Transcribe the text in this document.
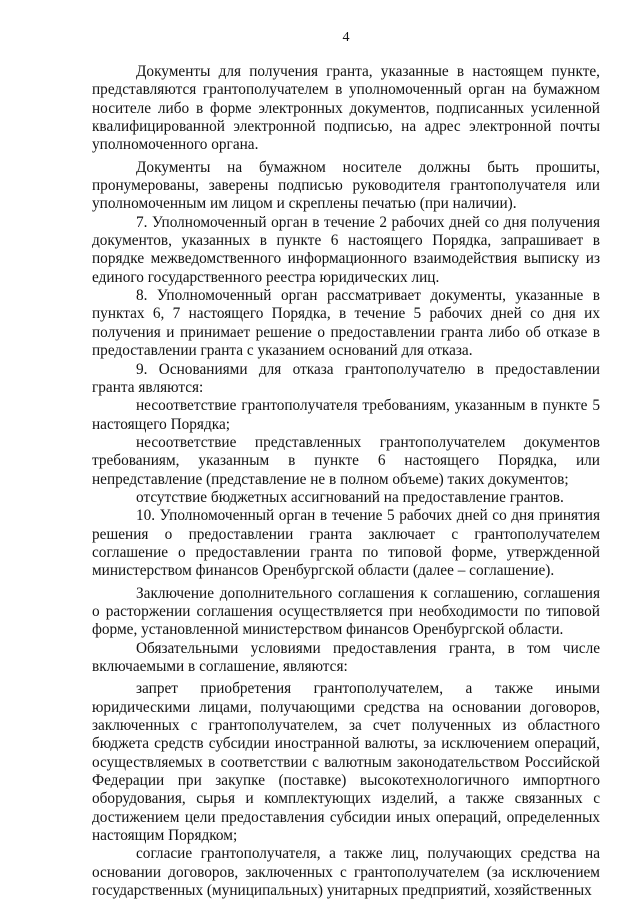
4

Документы для получения гранта, указанные в настоящем пункте, представляются грантополучателем в уполномоченный орган на бумажном носителе либо в форме электронных документов, подписанных усиленной квалифицированной электронной подписью, на адрес электронной почты уполномоченного органа.

Документы на бумажном носителе должны быть прошиты, пронумерованы, заверены подписью руководителя грантополучателя или уполномоченным им лицом и скреплены печатью (при наличии).

7. Уполномоченный орган в течение 2 рабочих дней со дня получения документов, указанных в пункте 6 настоящего Порядка, запрашивает в порядке межведомственного информационного взаимодействия выписку из единого государственного реестра юридических лиц.

8. Уполномоченный орган рассматривает документы, указанные в пунктах 6, 7 настоящего Порядка, в течение 5 рабочих дней со дня их получения и принимает решение о предоставлении гранта либо об отказе в предоставлении гранта с указанием оснований для отказа.

9. Основаниями для отказа грантополучателю в предоставлении гранта являются:

несоответствие грантополучателя требованиям, указанным в пункте 5 настоящего Порядка;

несоответствие представленных грантополучателем документов требованиям, указанным в пункте 6 настоящего Порядка, или непредставление (представление не в полном объеме) таких документов;

отсутствие бюджетных ассигнований на предоставление грантов.

10. Уполномоченный орган в течение 5 рабочих дней со дня принятия решения о предоставлении гранта заключает с грантополучателем соглашение о предоставлении гранта по типовой форме, утвержденной министерством финансов Оренбургской области (далее – соглашение).

Заключение дополнительного соглашения к соглашению, соглашения о расторжении соглашения осуществляется при необходимости по типовой форме, установленной министерством финансов Оренбургской области.

Обязательными условиями предоставления гранта, в том числе включаемыми в соглашение, являются:

запрет приобретения грантополучателем, а также иными юридическими лицами, получающими средства на основании договоров, заключенных с грантополучателем, за счет полученных из областного бюджета средств субсидии иностранной валюты, за исключением операций, осуществляемых в соответствии с валютным законодательством Российской Федерации при закупке (поставке) высокотехнологичного импортного оборудования, сырья и комплектующих изделий, а также связанных с достижением цели предоставления субсидии иных операций, определенных настоящим Порядком;

согласие грантополучателя, а также лиц, получающих средства на основании договоров, заключенных с грантополучателем (за исключением государственных (муниципальных) унитарных предприятий, хозяйственных
